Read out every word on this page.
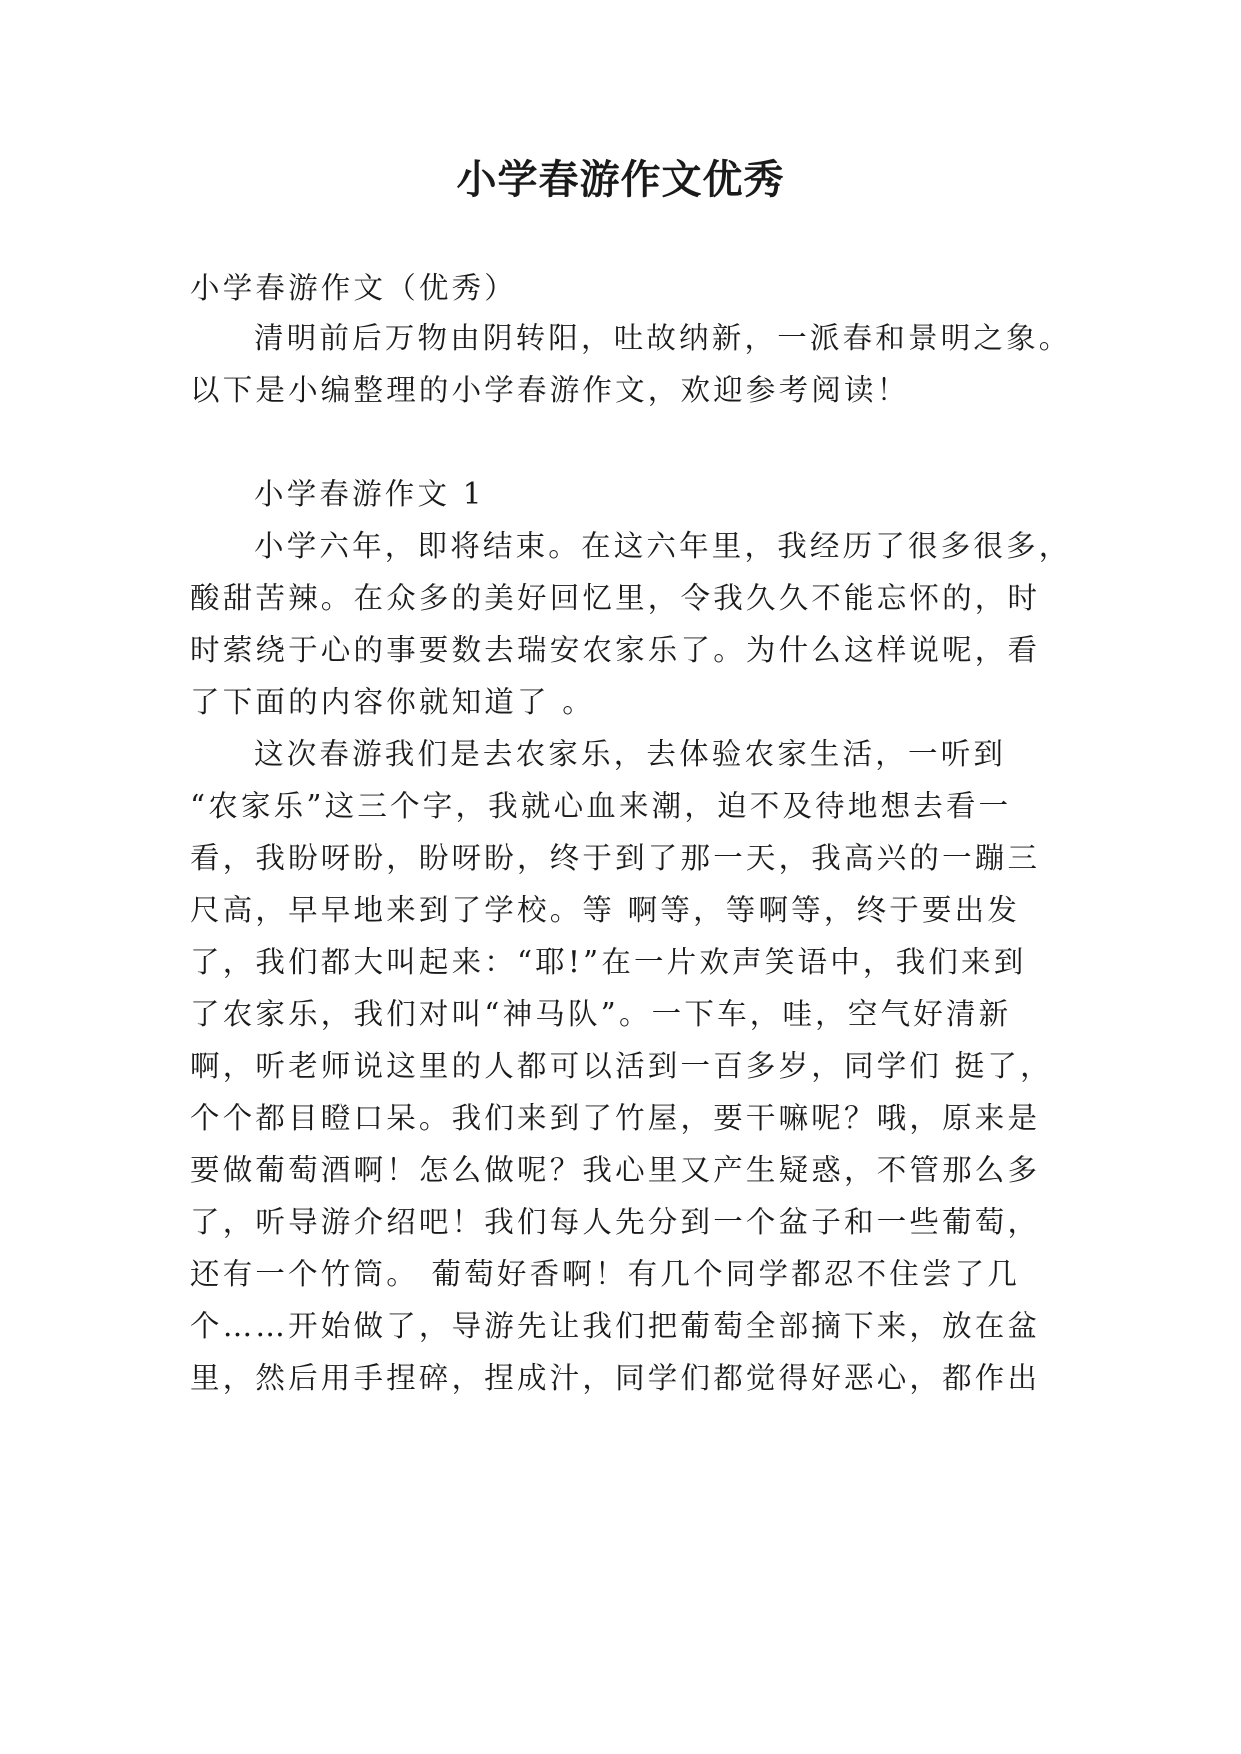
小学春游作文优秀
小学春游作文（优秀）
清明前后万物由阴转阳，吐故纳新，一派春和景明之象。
以下是小编整理的小学春游作文，欢迎参考阅读！
小学春游作文 1
小学六年，即将结束。在这六年里，我经历了很多很多，
酸甜苦辣。在众多的美好回忆里，令我久久不能忘怀的，时
时萦绕于心的事要数去瑞安农家乐了。为什么这样说呢，看
了下面的内容你就知道了 。
这次春游我们是去农家乐，去体验农家生活，一听到
“农家乐”这三个字，我就心血来潮，迫不及待地想去看一
看，我盼呀盼，盼呀盼，终于到了那一天，我高兴的一蹦三
尺高，早早地来到了学校。等 啊等，等啊等，终于要出发
了，我们都大叫起来：“耶!”在一片欢声笑语中，我们来到
了农家乐，我们对叫“神马队”。一下车，哇，空气好清新
啊，听老师说这里的人都可以活到一百多岁，同学们 挺了，
个个都目瞪口呆。我们来到了竹屋，要干嘛呢？哦，原来是
要做葡萄酒啊！怎么做呢？我心里又产生疑惑，不管那么多
了，听导游介绍吧！我们每人先分到一个盆子和一些葡萄，
还有一个竹筒。 葡萄好香啊！有几个同学都忍不住尝了几
个……开始做了，导游先让我们把葡萄全部摘下来，放在盆
里，然后用手捏碎，捏成汁，同学们都觉得好恶心，都作出
